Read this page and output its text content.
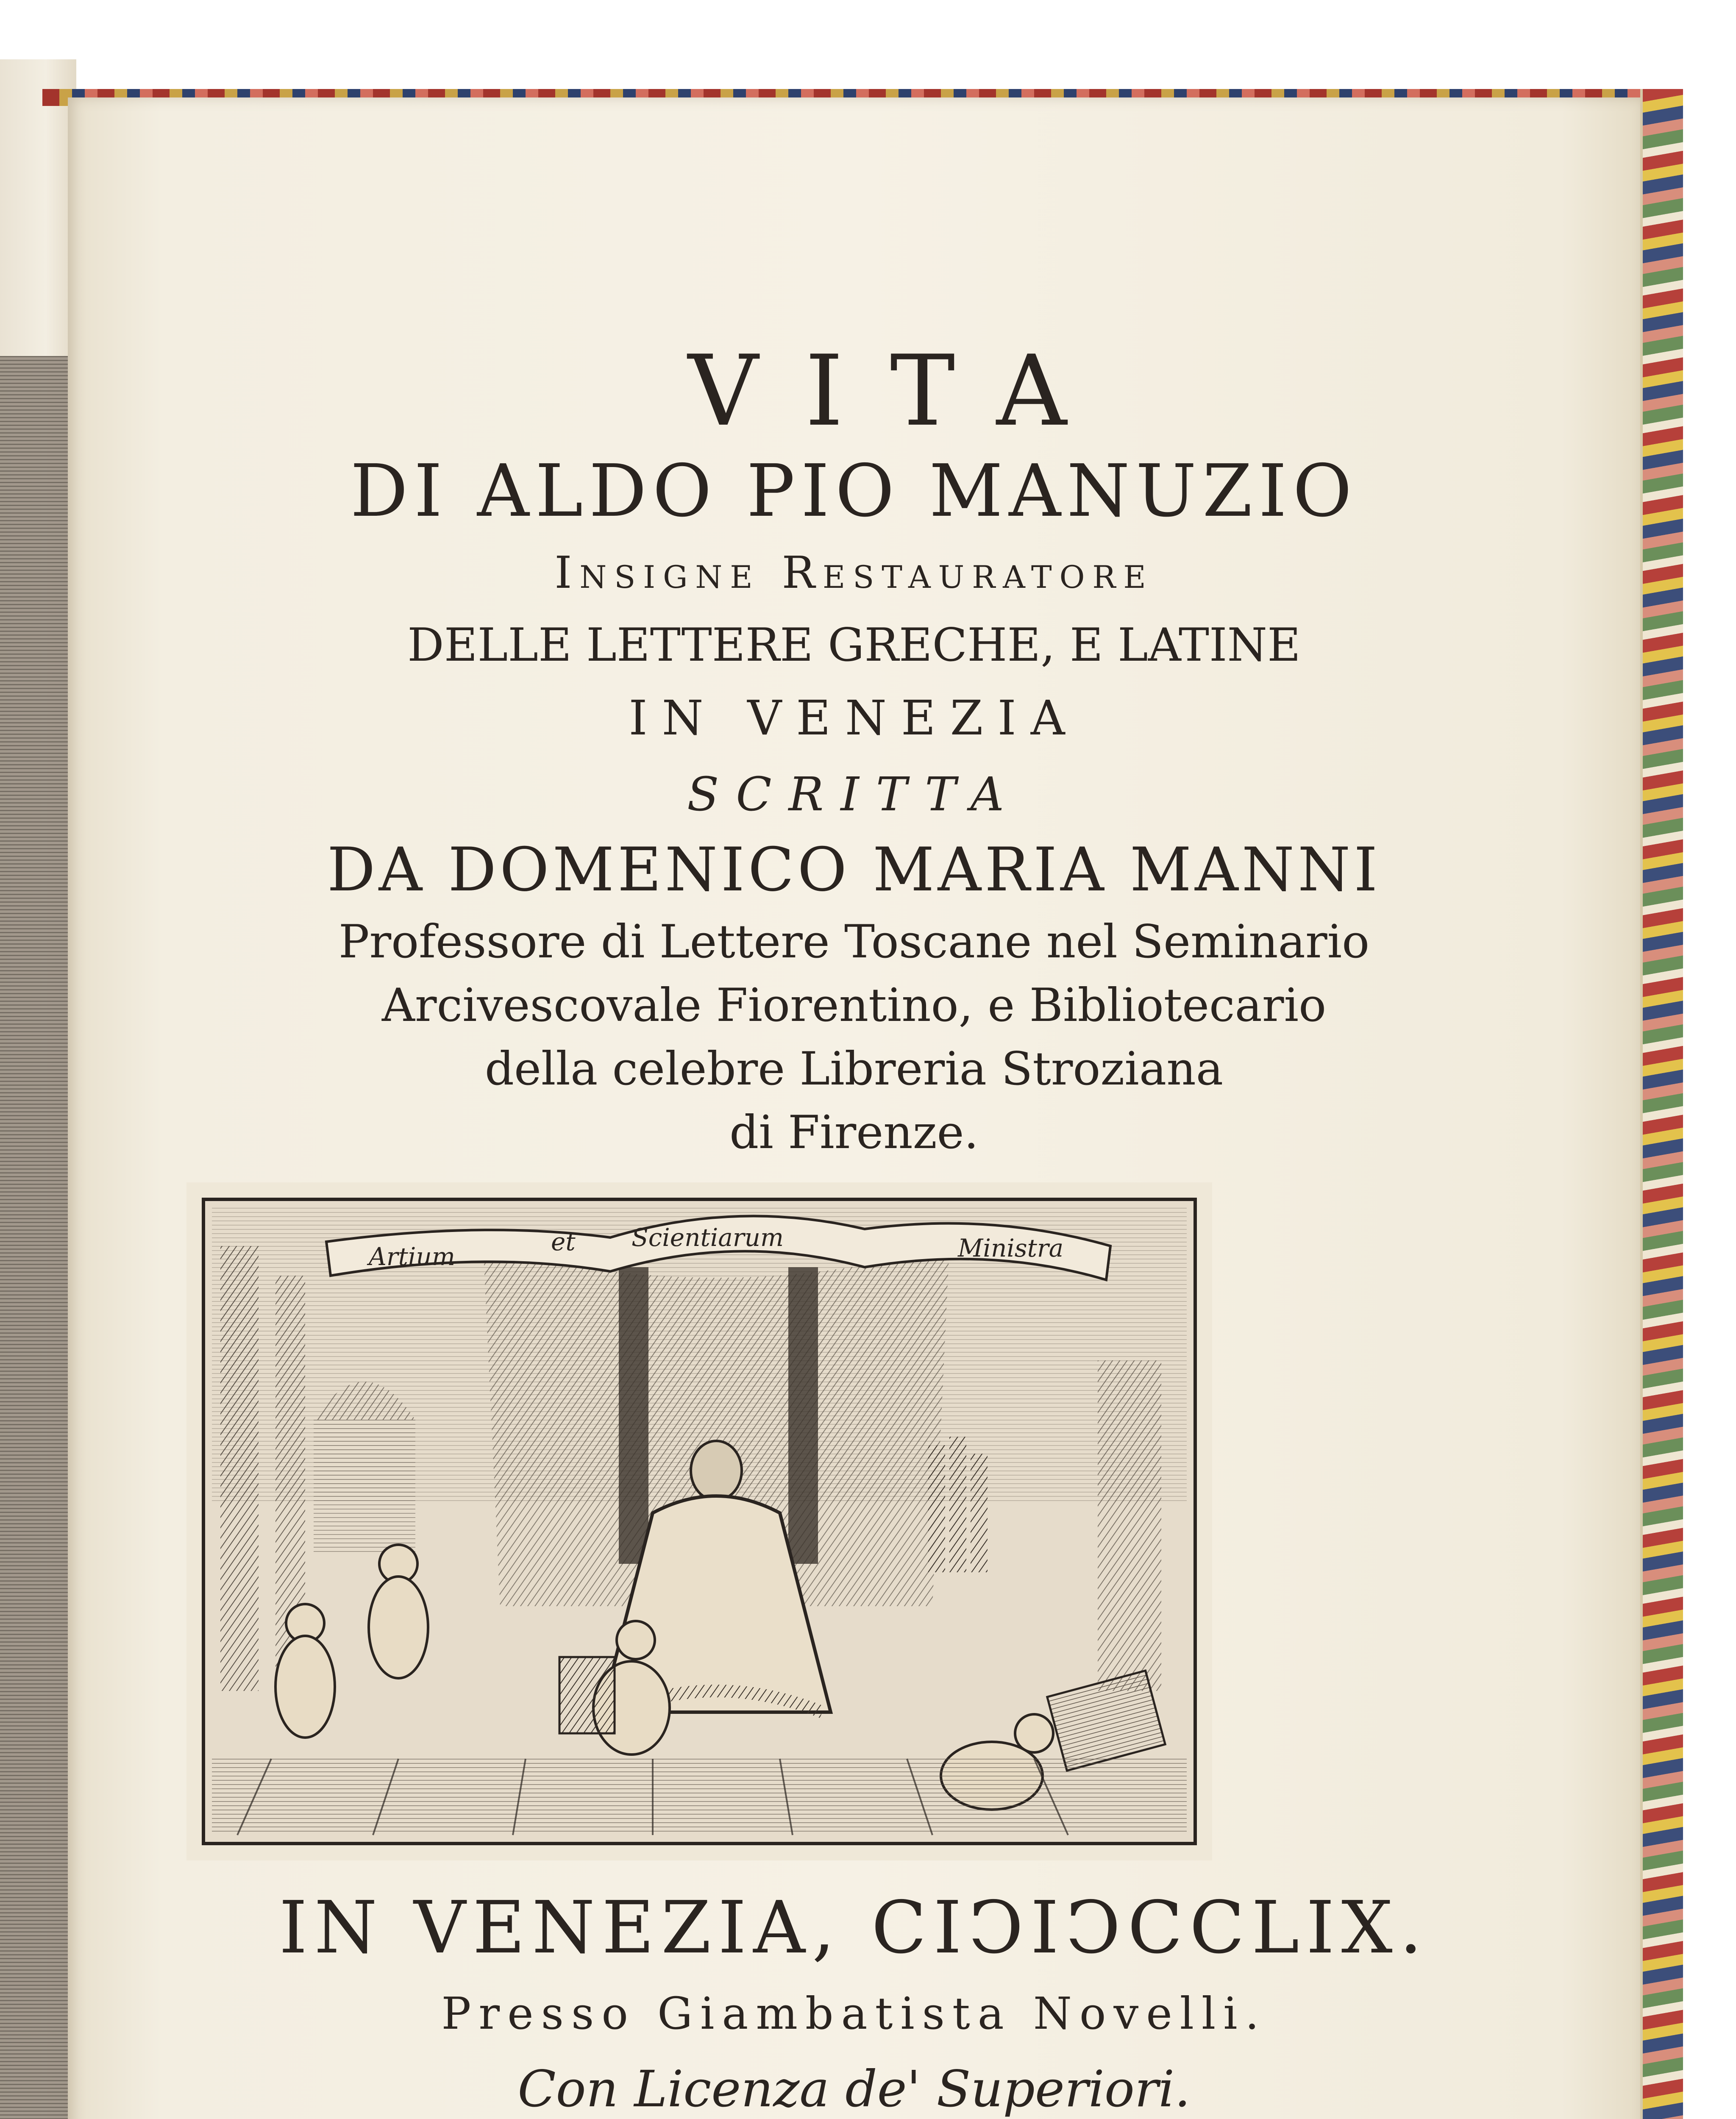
VITA
DI ALDO PIO MANUZIO
Insigne Restauratore
DELLE LETTERE GRECHE, E LATINE
IN VENEZIA
SCRITTA
DA DOMENICO MARIA MANNI
Professore di Lettere Toscane nel Seminario
Arcivescovale Fiorentino, e Bibliotecario
della celebre Libreria Stroziana
di Firenze.
Artium
et Scientiarum	Ministra
IN VENEZIA, CIↃIↃCCLIX.
Presso Giambatista Novelli.
Con Licenza de' Superiori.
